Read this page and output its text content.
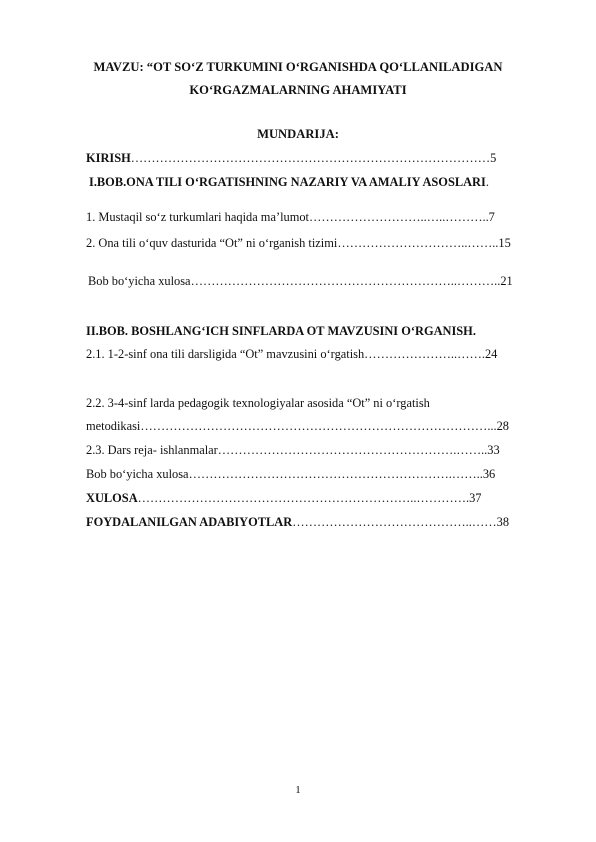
MAVZU: “OT SO‘Z TURKUMINI O‘RGANISHDA QO‘LLANILADIGAN
KO‘RGAZMALARNING AHAMIYATI
MUNDARIJA:
KIRISH……………………………………………………………………………5
I.BOB.ONA TILI O‘RGATISHNING NAZARIY VA AMALIY ASOSLARI.
1. Mustaqil so‘z turkumlari haqida ma’lumot………………………..…..………..7
2. Ona tili o‘quv dasturida “Ot” ni o‘rganish tizimi…………………………..……..15
Bob bo‘yicha xulosa………………………………………………………..………..21
II.BOB. BOSHLANG‘ICH SINFLARDA OT MAVZUSINI O‘RGANISH.
2.1. 1-2-sinf ona tili darsligida “Ot” mavzusini o‘rgatish…………………..…….24
2.2. 3-4-sinf larda pedagogik texnologiyalar asosida “Ot” ni o‘rgatish
metodikasi…………………………………………………………………………...28
2.3. Dars reja- ishlanmalar………………………………………………….……..33
Bob bo‘yicha xulosa……………………………………………………….……..36
XULOSA…………………………………………………………..………….37
FOYDALANILGAN ADABIYOTLAR……………………………………..……38
1
